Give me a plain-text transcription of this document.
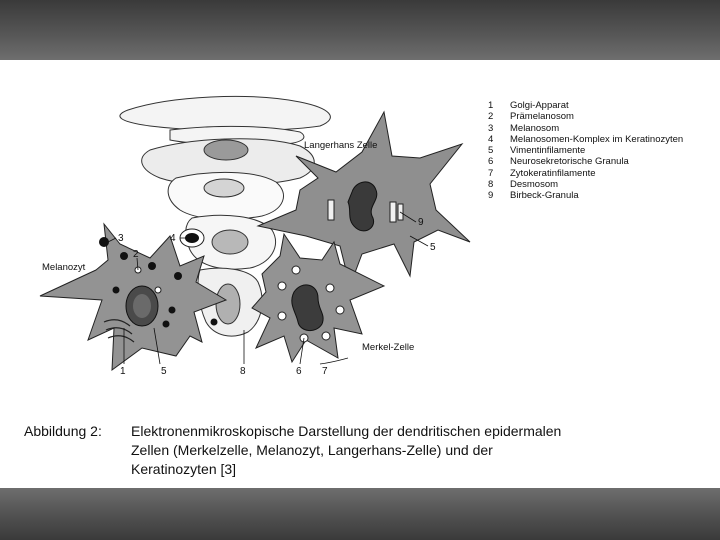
Langerhans Zelle
Melanozyt
Merkel-Zelle
3
2
4
9
5
1	5	8	6 7
1	Golgi-Apparat
2	Prämelanosom
3	Melanosom
4	Melanosomen-Komplex im Keratinozyten
5	Vimentinfilamente
6	Neurosekretorische Granula
7	Zytokeratinfilamente
8	Desmosom
9	Birbeck-Granula
Abbildung 2:	Elektronenmikroskopische Darstellung der dendritischen epidermalen
Zellen (Merkelzelle, Melanozyt, Langerhans-Zelle) und der
Keratinozyten [3]
